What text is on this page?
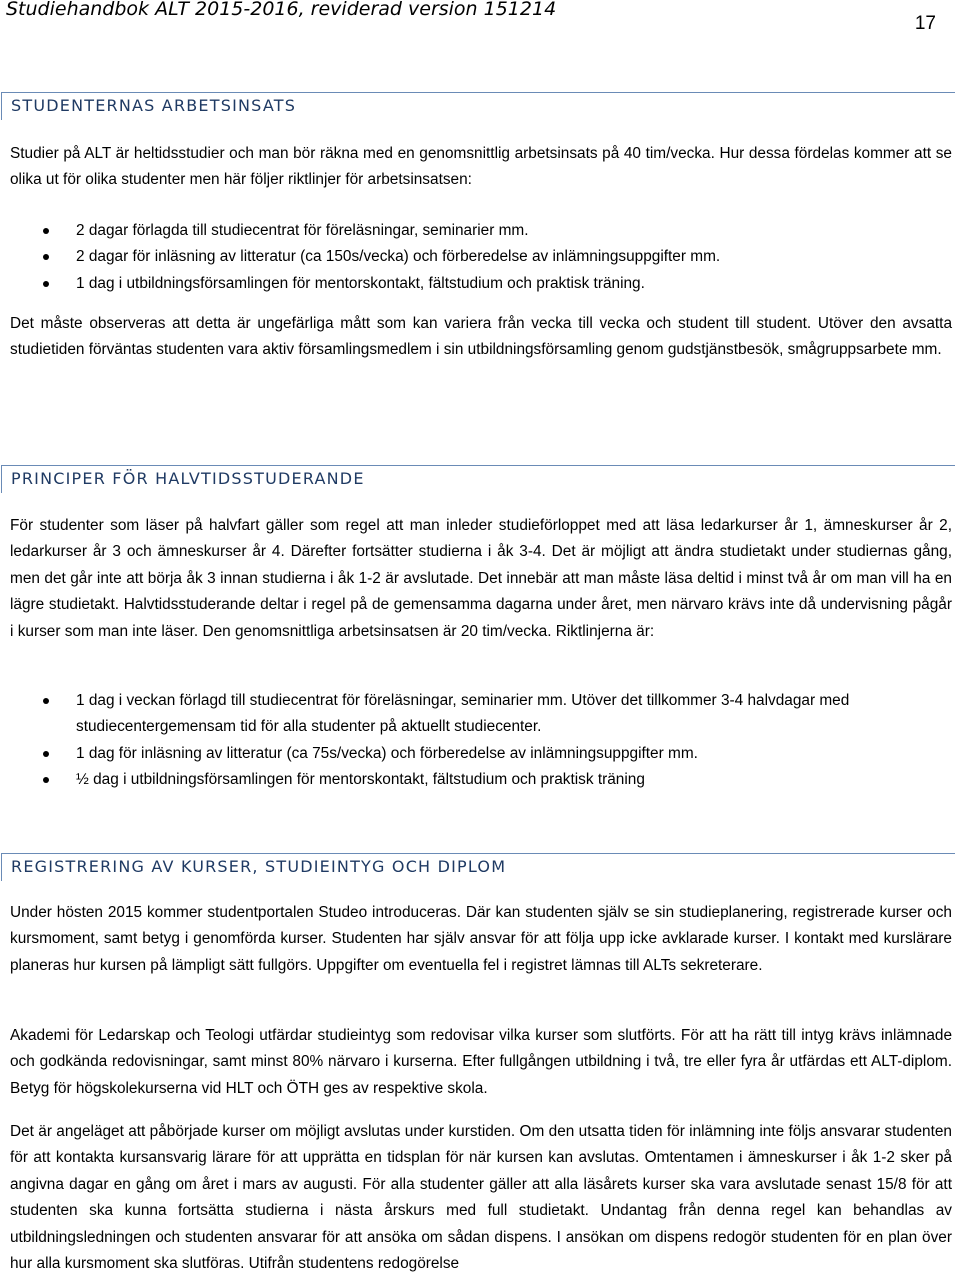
Studiehandbok ALT 2015-2016, reviderad version 151214
17
STUDENTERNAS ARBETSINSATS

Studier på ALT är heltidsstudier och man bör räkna med en genomsnittlig arbetsinsats på 40 tim/vecka. Hur dessa fördelas kommer att se olika ut för olika studenter men här följer riktlinjer för arbetsinsatsen:

2 dagar förlagda till studiecentrat för föreläsningar, seminarier mm.
2 dagar för inläsning av litteratur (ca 150s/vecka) och förberedelse av inlämningsuppgifter mm.
1 dag i utbildningsförsamlingen för mentorskontakt, fältstudium och praktisk träning.

Det måste observeras att detta är ungefärliga mått som kan variera från vecka till vecka och student till student. Utöver den avsatta studietiden förväntas studenten vara aktiv församlingsmedlem i sin utbildningsförsamling genom gudstjänstbesök, smågruppsarbete mm.

PRINCIPER FÖR HALVTIDSSTUDERANDE

För studenter som läser på halvfart gäller som regel att man inleder studieförloppet med att läsa ledarkurser år 1, ämneskurser år 2, ledarkurser år 3 och ämneskurser år 4. Därefter fortsätter studierna i åk 3-4. Det är möjligt att ändra studietakt under studiernas gång, men det går inte att börja åk 3 innan studierna i åk 1-2 är avslutade. Det innebär att man måste läsa deltid i minst två år om man vill ha en lägre studietakt. Halvtidsstuderande deltar i regel på de gemensamma dagarna under året, men närvaro krävs inte då undervisning pågår i kurser som man inte läser. Den genomsnittliga arbetsinsatsen är 20 tim/vecka. Riktlinjerna är:

1 dag i veckan förlagd till studiecentrat för föreläsningar, seminarier mm. Utöver det tillkommer 3-4 halvdagar med studiecentergemensam tid för alla studenter på aktuellt studiecenter.
1 dag för inläsning av litteratur (ca 75s/vecka) och förberedelse av inlämningsuppgifter mm.
½ dag i utbildningsförsamlingen för mentorskontakt, fältstudium och praktisk träning
REGISTRERING AV KURSER, STUDIEINTYG OCH DIPLOM

Under hösten 2015 kommer studentportalen Studeo introduceras. Där kan studenten själv se sin studieplanering, registrerade kurser och kursmoment, samt betyg i genomförda kurser. Studenten har själv ansvar för att följa upp icke avklarade kurser. I kontakt med kurslärare planeras hur kursen på lämpligt sätt fullgörs. Uppgifter om eventuella fel i registret lämnas till ALTs sekreterare.

Akademi för Ledarskap och Teologi utfärdar studieintyg som redovisar vilka kurser som slutförts. För att ha rätt till intyg krävs inlämnade och godkända redovisningar, samt minst 80% närvaro i kurserna. Efter fullgången utbildning i två, tre eller fyra år utfärdas ett ALT-diplom. Betyg för högskolekurserna vid HLT och ÖTH ges av respektive skola.

Det är angeläget att påbörjade kurser om möjligt avslutas under kurstiden. Om den utsatta tiden för inlämning inte följs ansvarar studenten för att kontakta kursansvarig lärare för att upprätta en tidsplan för när kursen kan avslutas. Omtentamen i ämneskurser i åk 1-2 sker på angivna dagar en gång om året i mars av augusti. För alla studenter gäller att alla läsårets kurser ska vara avslutade senast 15/8 för att studenten ska kunna fortsätta studierna i nästa årskurs med full studietakt. Undantag från denna regel kan behandlas av utbildningsledningen och studenten ansvarar för att ansöka om sådan dispens. I ansökan om dispens redogör studenten för en plan över hur alla kursmoment ska slutföras. Utifrån studentens redogörelse
